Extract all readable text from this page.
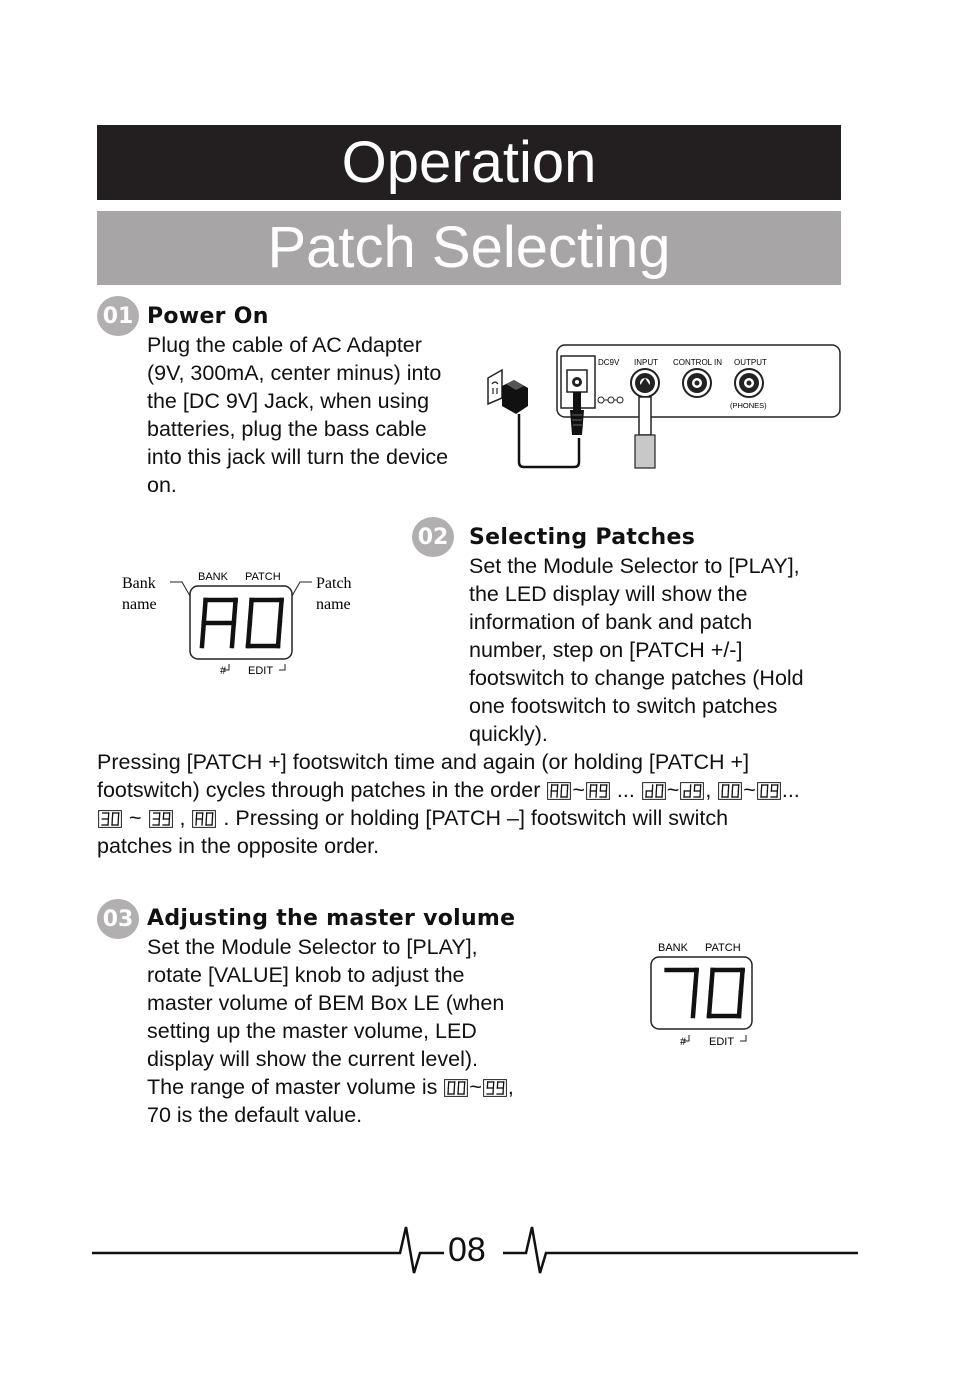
Operation
Patch Selecting
01 Power On
Plug the cable of AC Adapter
(9V, 300mA, center minus) into
the [DC 9V] Jack, when using
batteries, plug the bass cable
into this jack will turn the device
on.
DC9V INPUT CONTROL IN OUTPUT
(PHONES)
02 Selecting Patches
Set the Module Selector to [PLAY],
the LED display will show the
information of bank and patch
number, step on [PATCH +/-]
footswitch to change patches (Hold
one footswitch to switch patches
quickly).
Bank
name
Patch
name
BANK PATCH
# EDIT
Pressing [PATCH +] footswitch time and again (or holding [PATCH +]
footswitch) cycles through patches in the order ~ ... ~ , ~ ...
~  ,  . Pressing or holding [PATCH –] footswitch will switch
patches in the opposite order.
03 Adjusting the master volume
Set the Module Selector to [PLAY],
rotate [VALUE] knob to adjust the
master volume of BEM Box LE (when
setting up the master volume, LED
display will show the current level).
The range of master volume is ~ ,
70 is the default value.
BANK PATCH
# EDIT
08
